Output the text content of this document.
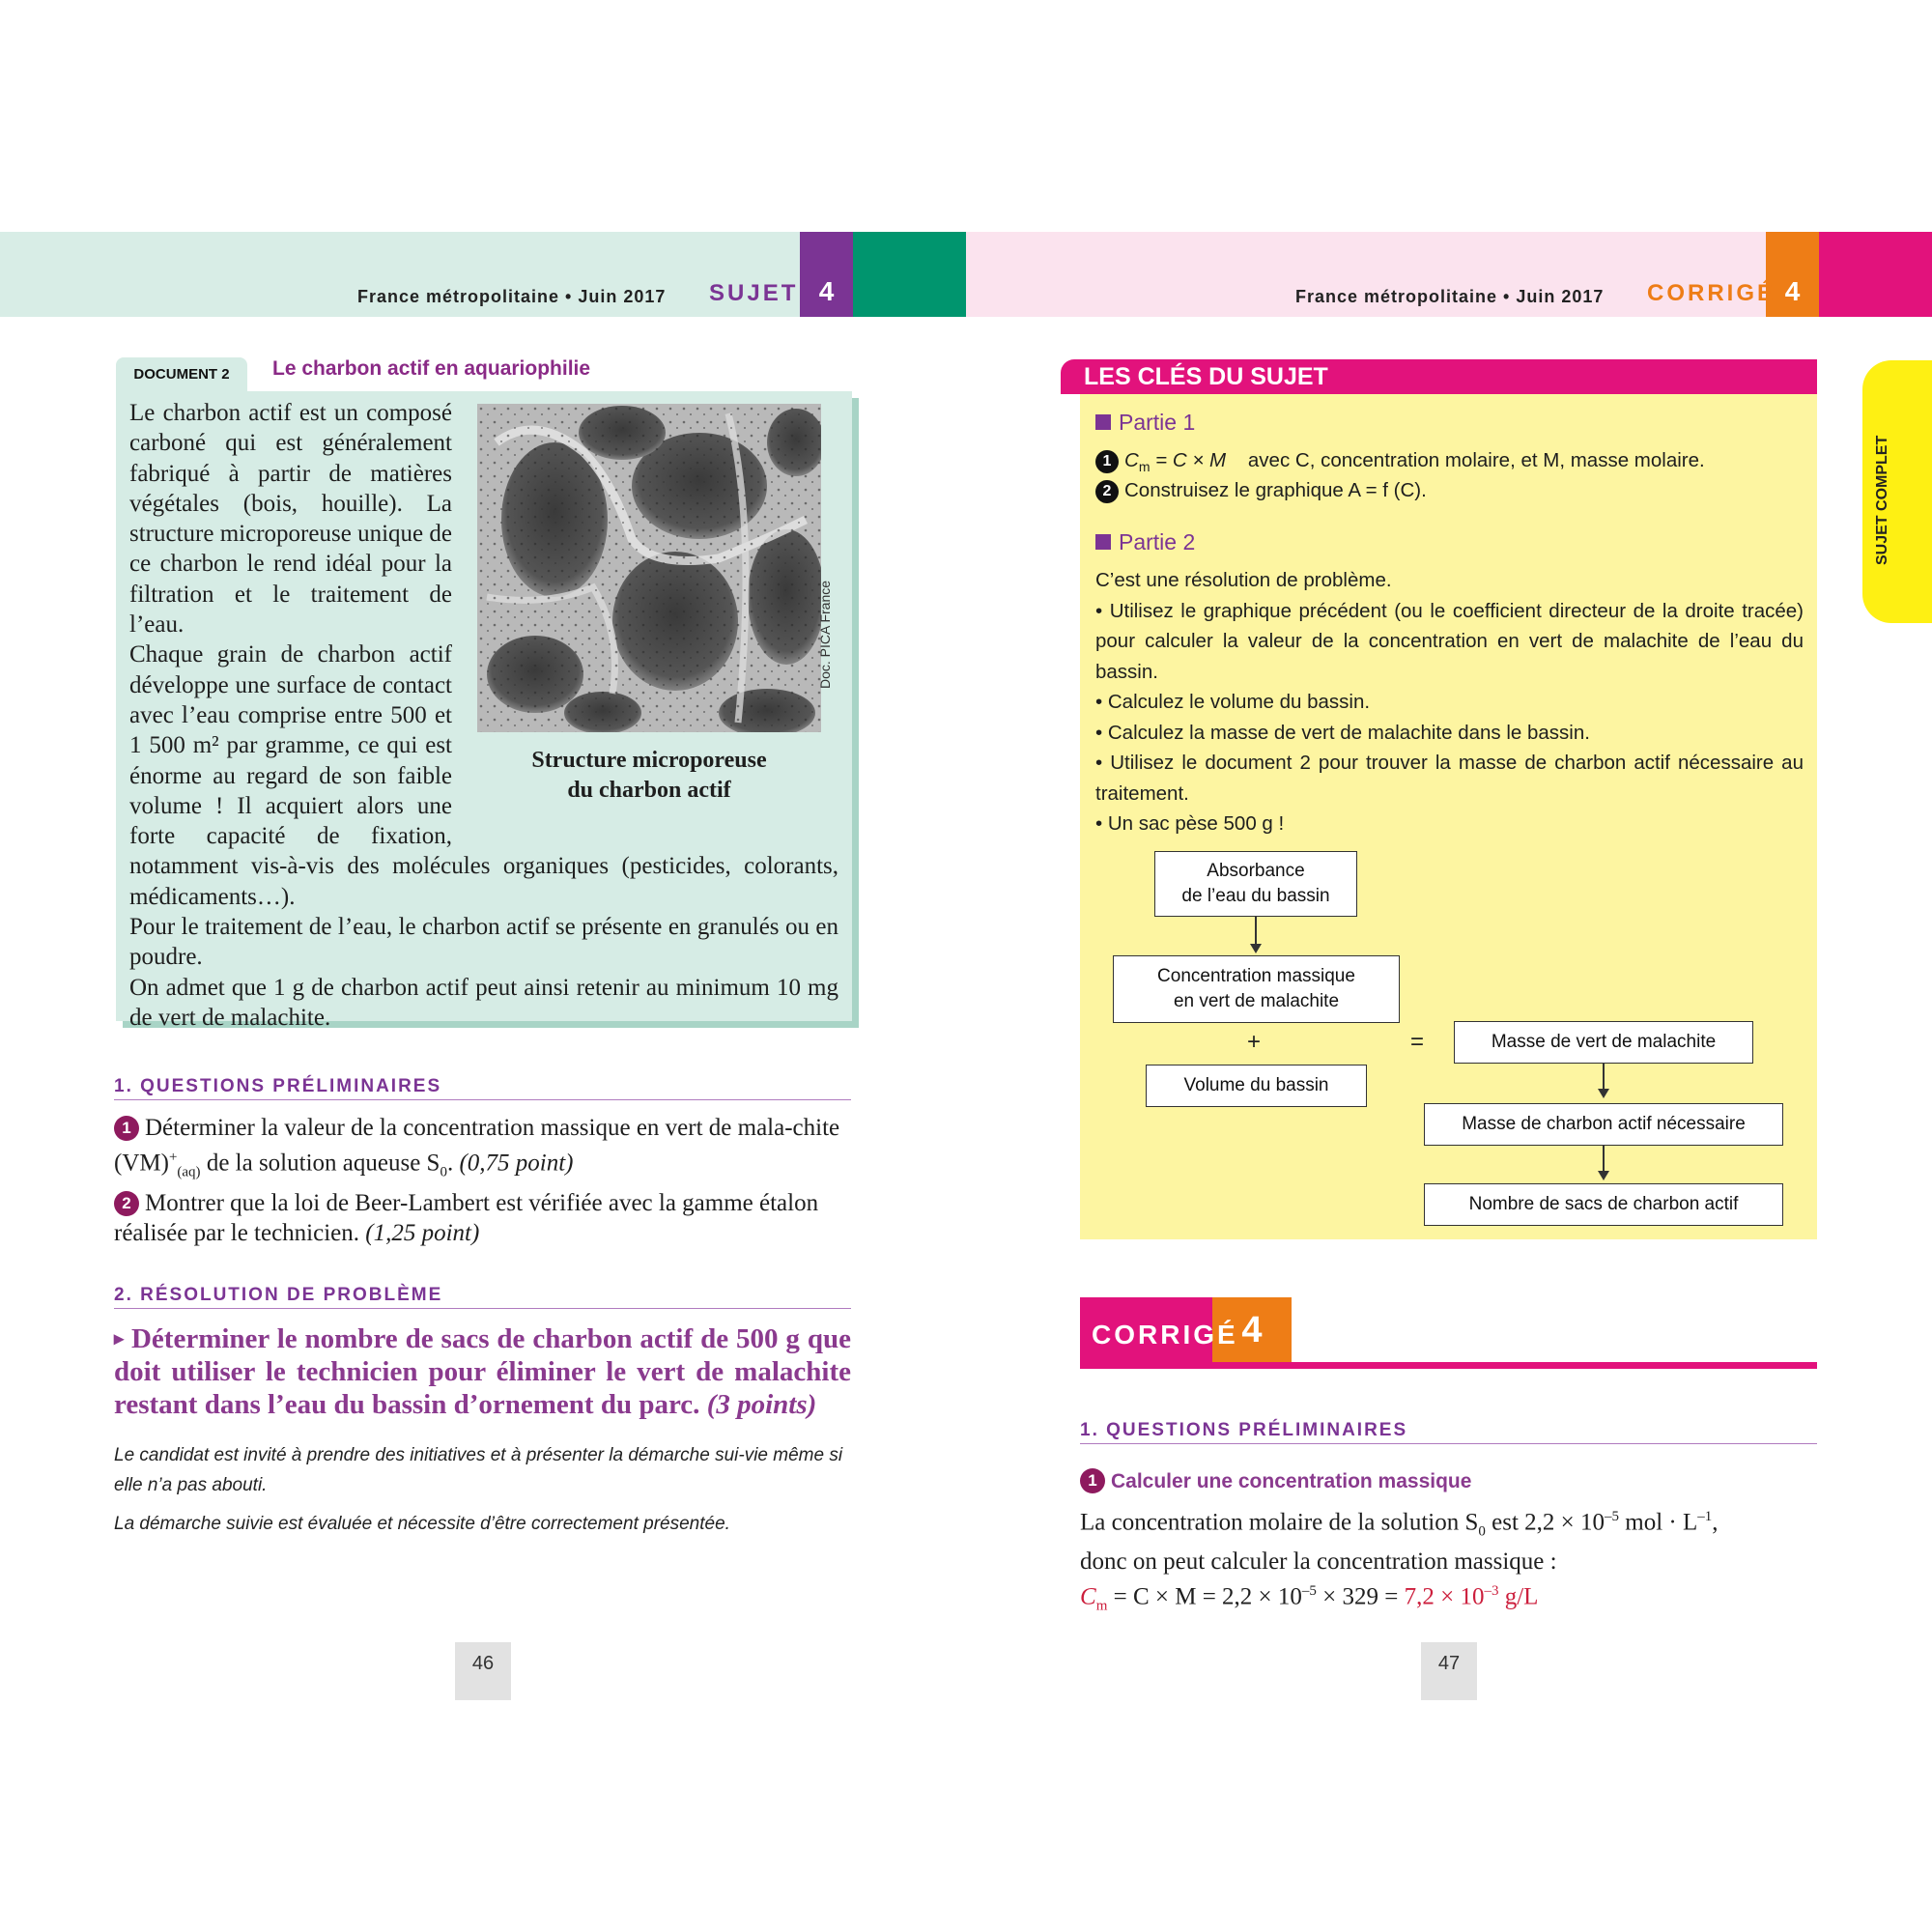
France métropolitaine • Juin 2017 SUJET 4	France métropolitaine • Juin 2017 CORRIGÉ 4
DOCUMENT 2	Le charbon actif en aquariophilie
Doc. PICA France
Structure microporeuse
du charbon actif

Le charbon actif est un composé carboné qui est généralement fabriqué à partir de matières végétales (bois, houille). La structure microporeuse unique de ce charbon le rend idéal pour la filtration et le traitement de l’eau.

Chaque grain de charbon actif développe une surface de contact avec l’eau comprise entre 500 et 1 500 m² par gramme, ce qui est énorme au regard de son faible volume ! Il acquiert alors une forte capacité de fixation, notamment vis-à-vis des molécules organiques (pesticides, colorants, médicaments…).

Pour le traitement de l’eau, le charbon actif se présente en granulés ou en poudre.

On admet que 1 g de charbon actif peut ainsi retenir au minimum 10 mg de vert de malachite.

1. QUESTIONS PRÉLIMINAIRES
1 Déterminer la valeur de la concentration massique en vert de mala-chite $(VM)^+_{(aq)}$ de la solution aqueuse $S_0$. (0,75 point)
2 Montrer que la loi de Beer-Lambert est vérifiée avec la gamme étalon réalisée par le technicien. (1,25 point)
2. RÉSOLUTION DE PROBLÈME
▸ Déterminer le nombre de sacs de charbon actif de 500 g que doit utiliser le technicien pour éliminer le vert de malachite restant dans l’eau du bassin d’ornement du parc. (3 points)
Le candidat est invité à prendre des initiatives et à présenter la démarche sui-vie même si elle n’a pas abouti.
La démarche suivie est évaluée et nécessite d’être correctement présentée.
46
SUJET COMPLET
LES CLÉS DU SUJET
Partie 1
1 $C_m = C \times M$ avec C, concentration molaire, et M, masse molaire.
2 Construisez le graphique A = f (C).
Partie 2
C’est une résolution de problème.
• Utilisez le graphique précédent (ou le coefficient directeur de la droite tracée) pour calculer la valeur de la concentration en vert de malachite de l’eau du bassin.
• Calculez le volume du bassin.
• Calculez la masse de vert de malachite dans le bassin.
• Utilisez le document 2 pour trouver la masse de charbon actif nécessaire au traitement.
• Un sac pèse 500 g !
Absorbance
de l’eau du bassin
Concentration massique
en vert de malachite
+
Volume du bassin
=	Masse de vert de malachite
Masse de charbon actif nécessaire
Nombre de sacs de charbon actif
CORRIGÉ 4
1. QUESTIONS PRÉLIMINAIRES
1 Calculer une concentration massique
La concentration molaire de la solution $S_0$ est $2,2 \times 10^{-5}$ mol · $L^{-1}$,
donc on peut calculer la concentration massique :
$C_m = C \times M = 2,2 \times 10^{-5} \times 329 = 7,2 \times 10^{-3}$ g/L
47
